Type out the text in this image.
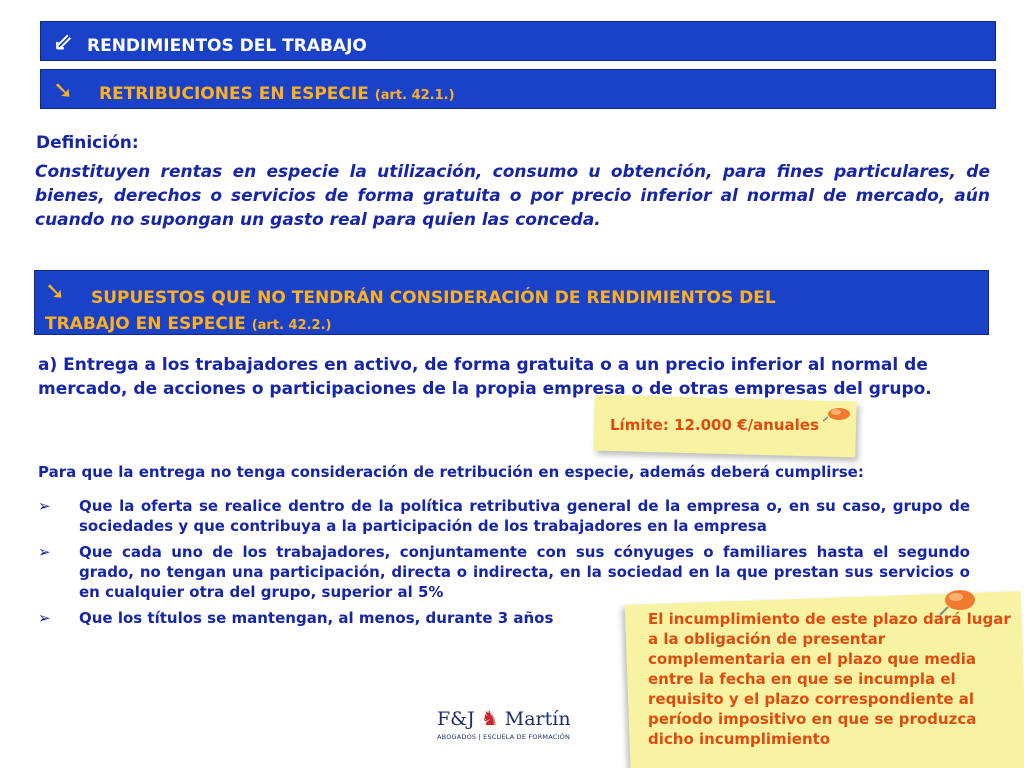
⇙ RENDIMIENTOS DEL TRABAJO
➘ RETRIBUCIONES EN ESPECIE (art. 42.1.)
Definición:
Constituyen rentas en especie la utilización, consumo u obtención, para fines particulares, de bienes, derechos o servicios de forma gratuita o por precio inferior al normal de mercado, aún cuando no supongan un gasto real para quien las conceda.
➘ SUPUESTOS QUE NO TENDRÁN CONSIDERACIÓN DE RENDIMIENTOS DEL
TRABAJO EN ESPECIE (art. 42.2.)
a) Entrega a los trabajadores en activo, de forma gratuita o a un precio inferior al normal de mercado, de acciones o participaciones de la propia empresa o de otras empresas del grupo.
Límite: 12.000 €/anuales
Para que la entrega no tenga consideración de retribución en especie, además deberá cumplirse:
➢ Que la oferta se realice dentro de la política retributiva general de la empresa o, en su caso, grupo de sociedades y que contribuya a la participación de los trabajadores en la empresa
➢ Que cada uno de los trabajadores, conjuntamente con sus cónyuges o familiares hasta el segundo grado, no tengan una participación, directa o indirecta, en la sociedad en la que prestan sus servicios o en cualquier otra del grupo, superior al 5%
➢ Que los títulos se mantengan, al menos, durante 3 años	El incumplimiento de este plazo dará lugar a la obligación de presentar complementaria en el plazo que media entre la fecha en que se incumpla el requisito y el plazo correspondiente al período impositivo en que se produzca dicho incumplimiento
F&J ♞ Martín
ABOGADOS | ESCUELA DE FORMACIÓN
